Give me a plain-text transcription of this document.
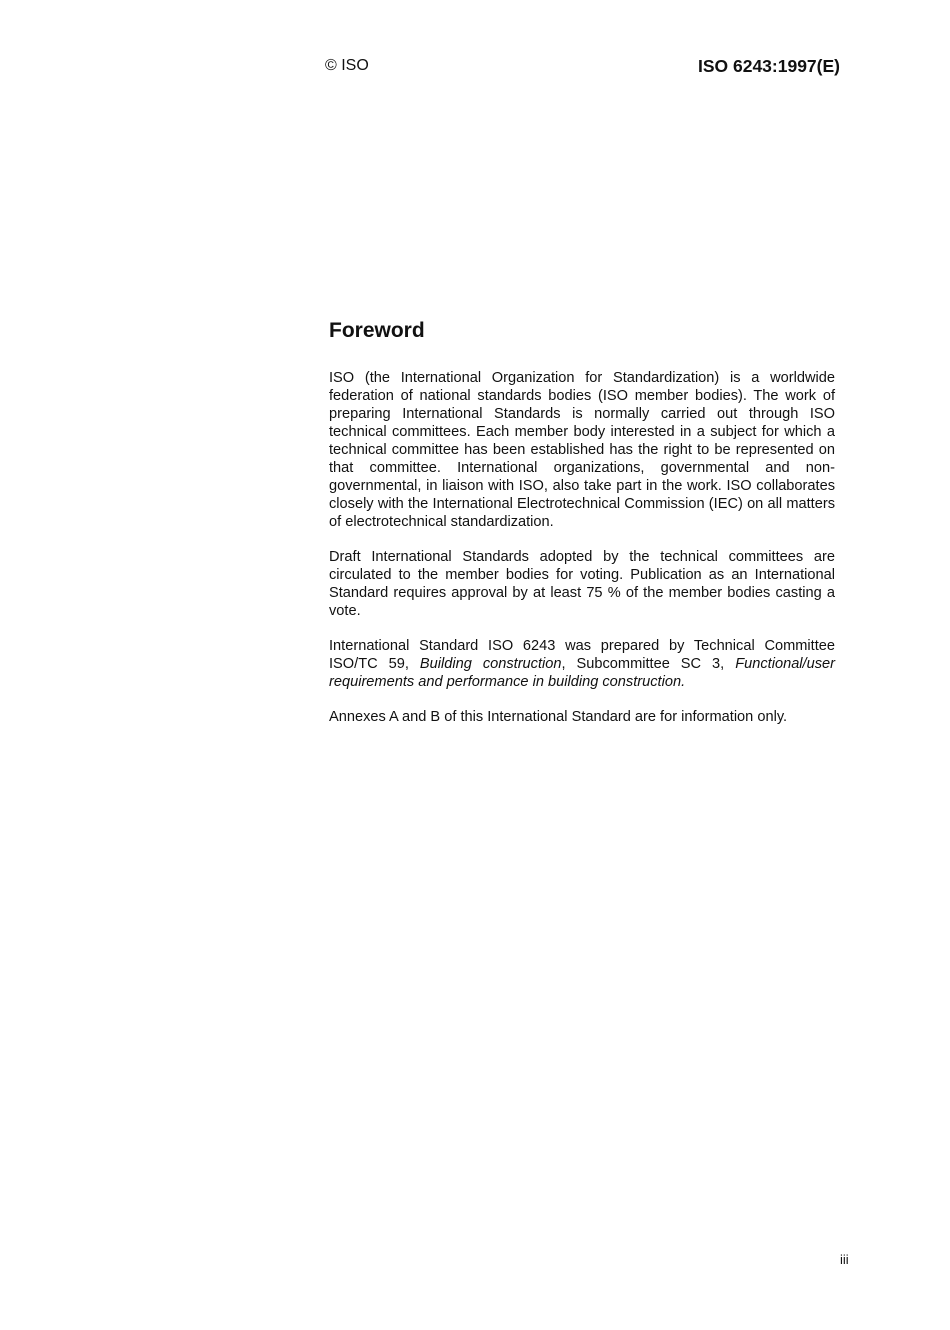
© ISO	ISO 6243:1997(E)
Foreword

ISO (the International Organization for Standardization) is a worldwide federation of national standards bodies (ISO member bodies). The work of preparing International Standards is normally carried out through ISO technical committees. Each member body interested in a subject for which a technical committee has been established has the right to be represented on that committee. International organizations, governmental and non-governmental, in liaison with ISO, also take part in the work. ISO collaborates closely with the International Electrotechnical Commission (IEC) on all matters of electrotechnical standardization.

Draft International Standards adopted by the technical committees are circulated to the member bodies for voting. Publication as an International Standard requires approval by at least 75 % of the member bodies casting a vote.

International Standard ISO 6243 was prepared by Technical Committee ISO/TC 59, Building construction, Subcommittee SC 3, Functional/user requirements and performance in building construction.

Annexes A and B of this International Standard are for information only.

iii
